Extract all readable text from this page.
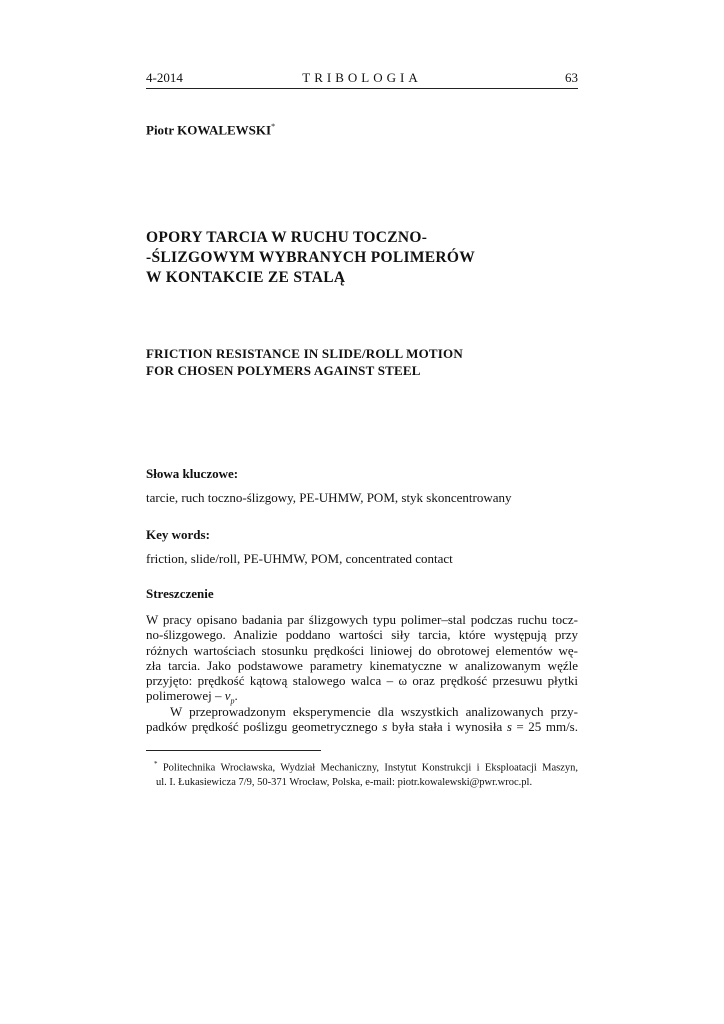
4-2014	TRIBOLOGIA	63
Piotr KOWALEWSKI*
OPORY TARCIA W RUCHU TOCZNO-
-ŚLIZGOWYM WYBRANYCH POLIMERÓW
W KONTAKCIE ZE STALĄ
FRICTION RESISTANCE IN SLIDE/ROLL MOTION
FOR CHOSEN POLYMERS AGAINST STEEL
Słowa kluczowe:
tarcie, ruch toczno-ślizgowy, PE-UHMW, POM, styk skoncentrowany
Key words:
friction, slide/roll, PE-UHMW, POM, concentrated contact
Streszczenie
W pracy opisano badania par ślizgowych typu polimer–stal podczas ruchu tocz-
no-ślizgowego. Analizie poddano wartości siły tarcia, które występują przy
różnych wartościach stosunku prędkości liniowej do obrotowej elementów wę-
zła tarcia. Jako podstawowe parametry kinematyczne w analizowanym węźle
przyjęto: prędkość kątową stalowego walca – ω oraz prędkość przesuwu płytki
polimerowej – $v_p$.
W przeprowadzonym eksperymencie dla wszystkich analizowanych przy-
padków prędkość poślizgu geometrycznego s była stała i wynosiła s = 25 mm/s.
* Politechnika Wrocławska, Wydział Mechaniczny, Instytut Konstrukcji i Eksploatacji Maszyn,
ul. I. Łukasiewicza 7/9, 50-371 Wrocław, Polska, e-mail: piotr.kowalewski@pwr.wroc.pl.
